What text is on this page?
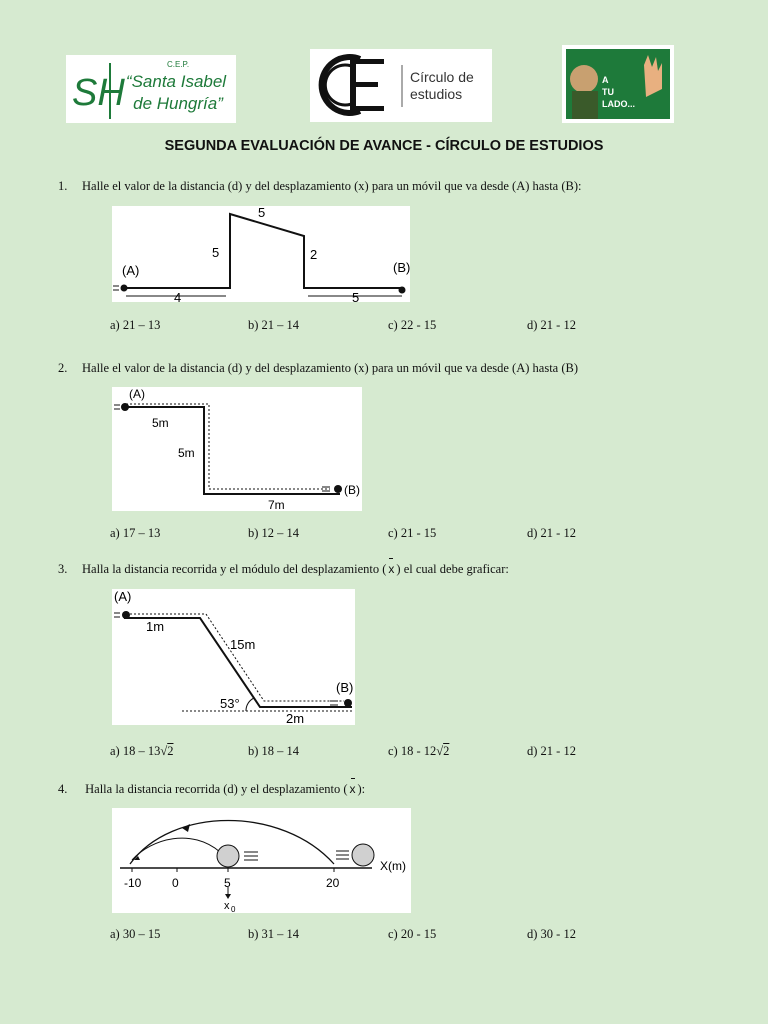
SH
C.E.P.
“Santa Isabel
de Hungría”
Círculo de
estudios
A
TU
LADO...
SEGUNDA EVALUACIÓN DE AVANCE - CÍRCULO DE ESTUDIOS
1. Halle el valor de la distancia (d) y del desplazamiento (x) para un móvil que va desde (A) hasta (B):
(A)	(B)
4
5
5
2
5
a) 21 – 13	b) 21 – 14	c) 22 - 15	d) 21 - 12
2. Halle el valor de la distancia (d) y del desplazamiento (x) para un móvil que va desde (A) hasta (B)
(A)
(B)
5m
5m
7m
a) 17 – 13	b) 12 – 14	c) 21 - 15	d) 21 - 12
3. Halla la distancia recorrida y el módulo del desplazamiento ( x ) el cual debe graficar:
(A)
(B)
1m
15m
53°
2m
a) 18 – 13√2	b) 18 – 14	c) 18 - 12√2	d) 21 - 12
4. Halla la distancia recorrida (d) y el desplazamiento ( x ):
-10	0	5	20
X(m)
x 0
a) 30 – 15	b) 31 – 14	c) 20 - 15	d) 30 - 12
